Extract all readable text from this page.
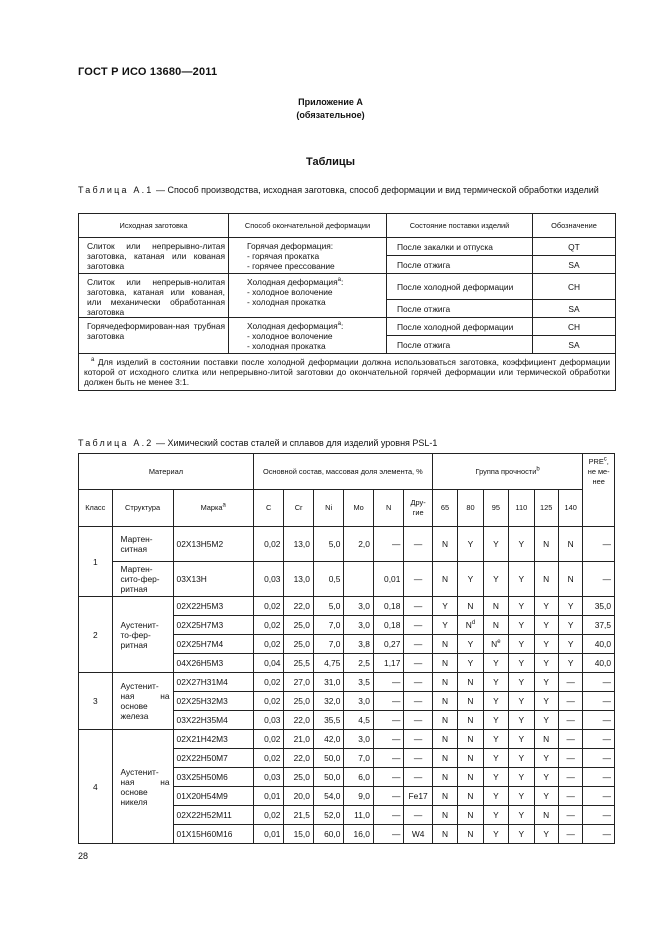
ГОСТ Р ИСО 13680—2011
Приложение А
(обязательное)
Таблицы
Таблица А.1 — Способ производства, исходная заготовка, способ деформации и вид термической обработки изделий
Исходная заготовка	Способ окончательной деформации	Состояние поставки изделий	Обозначение
Слиток или непрерывно-литая заготовка, катаная или кованая заготовка	Горячая деформация:
- горячая прокатка
- горячее прессование	После закалки и отпуска	QT
		После отжига	SA
Слиток или непрерыв-нолитая заготовка, катаная или кованая, или механически обработанная заготовка	Холодная деформация$^a$:
- холодное волочение
- холодная прокатка	После холодной деформации	CH
		После отжига	SA
Горячедеформирован-ная трубная заготовка	Холодная деформация$^a$:
- холодное волочение
- холодная прокатка	После холодной деформации	CH
		После отжига	SA
$^a$ Для изделий в состоянии поставки после холодной деформации должна использоваться заготовка, коэффициент деформации которой от исходного слитка или непрерывно-литой заготовки до окончательной горячей деформации или термической обработки должен быть не менее 3:1.			
Таблица А.2 — Химический состав сталей и сплавов для изделий уровня PSL-1
Материал			Основной состав, массовая доля элемента, %						Группа прочности$^b$						PRE$^c$, не ме-нее
Класс	Структура	Марка$^a$	C	Cr	Ni	Mo	N	Дру-гие	65	80	95	110	125	140	
1	Мартен-ситная	02Х13Н5М2	0,02	13,0	5,0	2,0	—	—	N	Y	Y	Y	N	N	—
	Мартен-сито-фер-ритная	03Х13Н	0,03	13,0	0,5		0,01	—	N	Y	Y	Y	N	N	—
2	Аустенит-то-фер-ритная	02Х22Н5М3	0,02	22,0	5,0	3,0	0,18	—	Y	N	N	Y	Y	Y	35,0
		02Х25Н7М3	0,02	25,0	7,0	3,0	0,18	—	Y	$N^d$	N	Y	Y	Y	37,5
		02Х25Н7М4	0,02	25,0	7,0	3,8	0,27	—	N	Y	$N^e$	Y	Y	Y	40,0
		04Х26Н5М3	0,04	25,5	4,75	2,5	1,17	—	N	Y	Y	Y	Y	Y	40,0
3	Аустенит-ная на основе железа	02Х27Н31М4	0,02	27,0	31,0	3,5	—	—	N	N	Y	Y	Y	—	—
		02Х25Н32М3	0,02	25,0	32,0	3,0	—	—	N	N	Y	Y	Y	—	—
		03Х22Н35М4	0,03	22,0	35,5	4,5	—	—	N	N	Y	Y	Y	—	—
4	Аустенит-ная на основе никеля	02Х21Н42М3	0,02	21,0	42,0	3,0	—	—	N	N	Y	Y	N	—	—
		02Х22Н50М7	0,02	22,0	50,0	7,0	—	—	N	N	Y	Y	Y	—	—
		03Х25Н50М6	0,03	25,0	50,0	6,0	—	—	N	N	Y	Y	Y	—	—
		01Х20Н54М9	0,01	20,0	54,0	9,0	—	Fe17	N	N	Y	Y	Y	—	—
		02Х22Н52М11	0,02	21,5	52,0	11,0	—	—	N	N	Y	Y	N	—	—
		01Х15Н60М16	0,01	15,0	60,0	16,0	—	W4	N	N	Y	Y	Y	—	—
28
